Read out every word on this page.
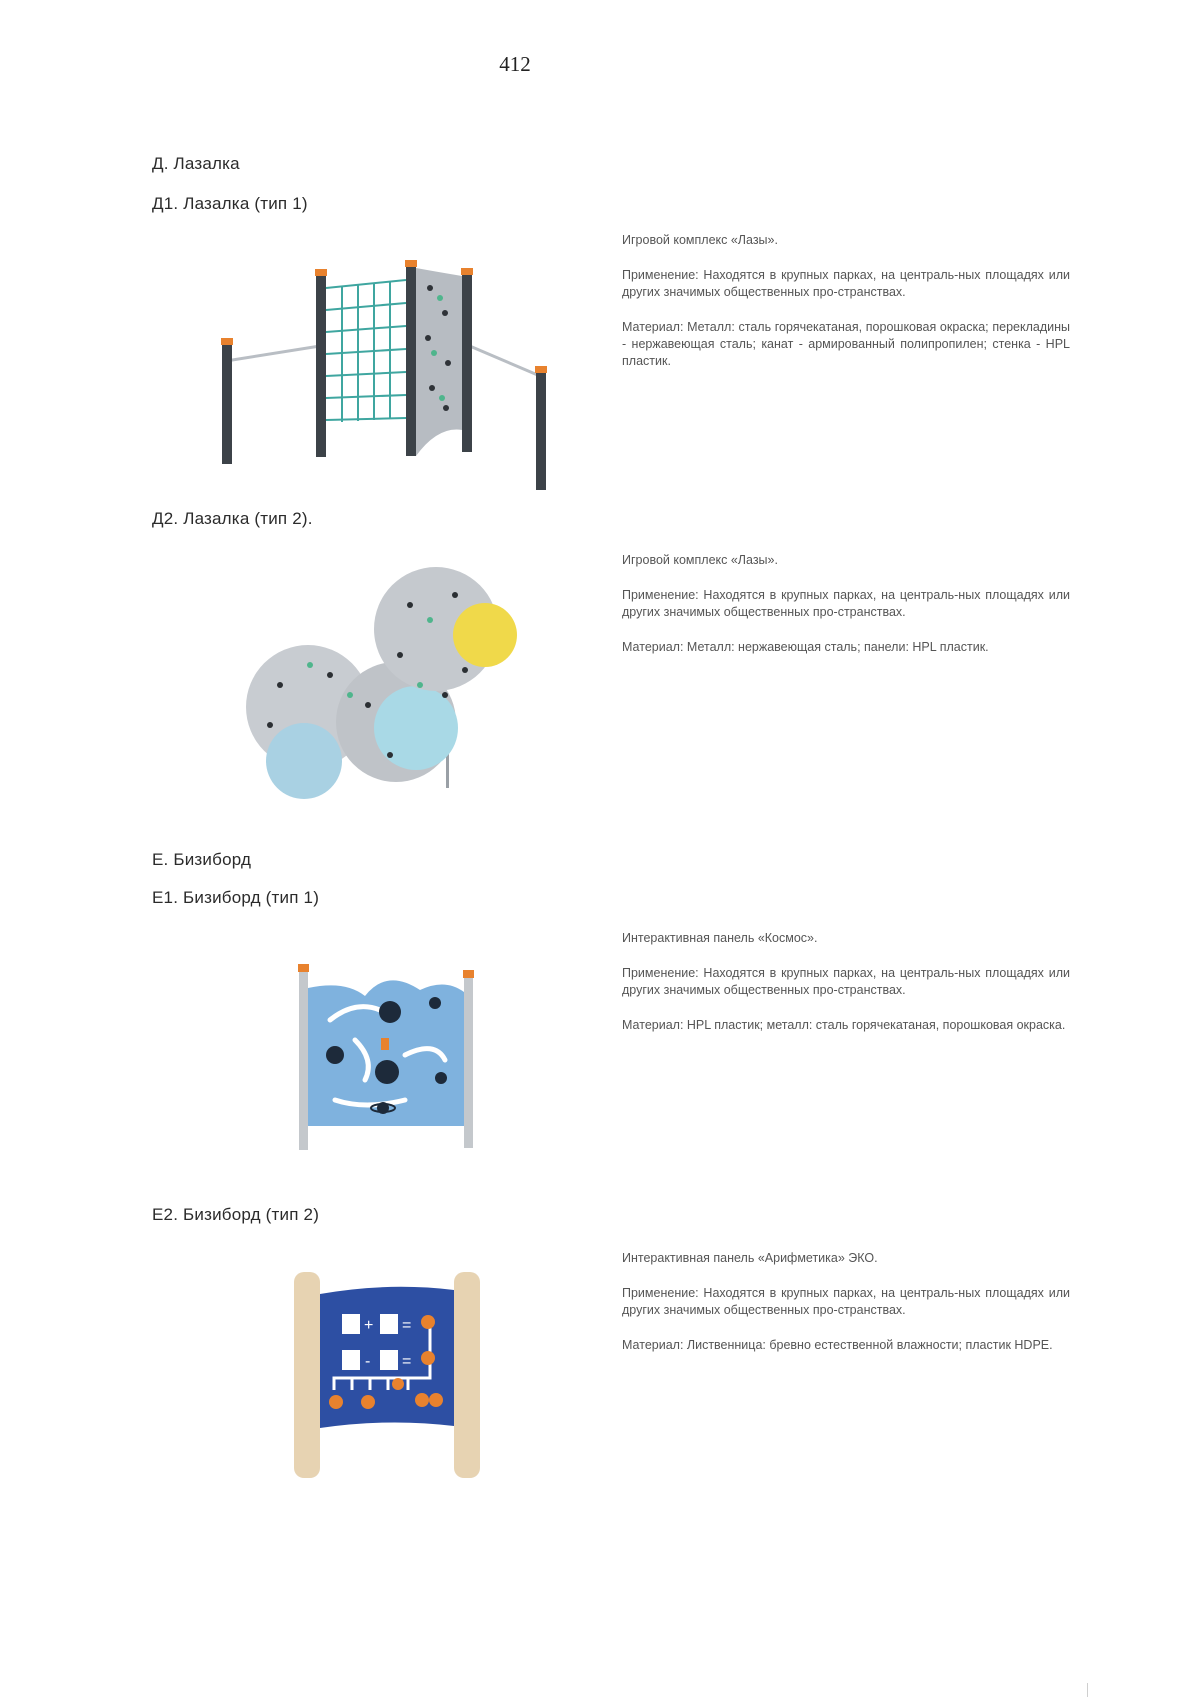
412
Д. Лазалка
Д1. Лазалка (тип 1)

Игровой комплекс «Лазы».

Применение: Находятся в крупных парках, на централь-ных площадях или других значимых общественных про-странствах.

Материал: Металл: сталь горячекатаная, порошковая окраска; перекладины - нержавеющая сталь; канат - армированный полипропилен; стенка - HPL пластик.

Д2. Лазалка (тип 2).

Игровой комплекс «Лазы».

Применение: Находятся в крупных парках, на централь-ных площадях или других значимых общественных про-странствах.

Материал: Металл: нержавеющая сталь; панели: HPL пластик.

Е. Бизиборд
Е1. Бизиборд (тип 1)

Интерактивная панель «Космос».

Применение: Находятся в крупных парках, на централь-ных площадях или других значимых общественных про-странствах.

Материал: HPL пластик; металл: сталь горячекатаная, порошковая окраска.

Е2. Бизиборд (тип 2)
+ =
- =

Интерактивная панель «Арифметика» ЭКО.

Применение: Находятся в крупных парках, на централь-ных площадях или других значимых общественных про-странствах.

Материал: Лиственница: бревно естественной влажности; пластик HDPE.
